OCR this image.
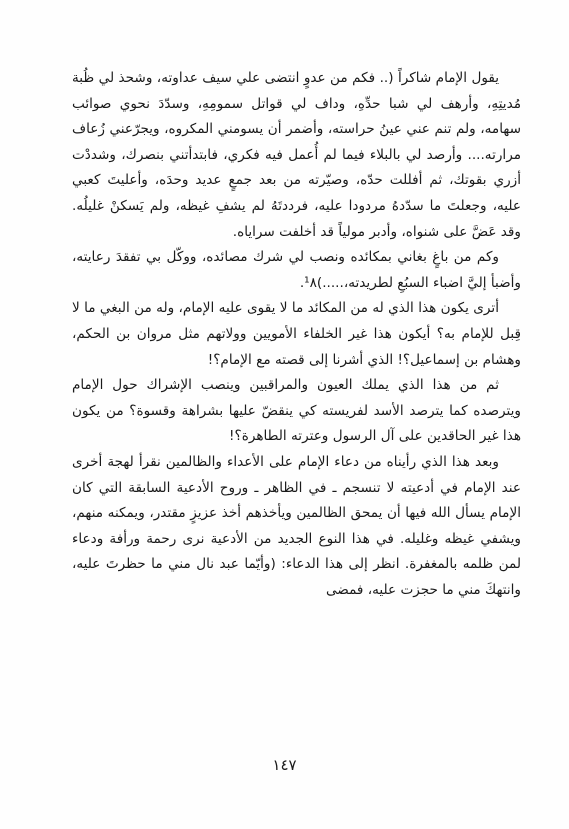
يقول الإمام شاكراً (.. فكم من عدوٍ انتضى علي سيف عداوته، وشحذ لي ظُبة مُديتِهِ، وأرهف لي شبا حدِّهِ، وداف لي قواتل سمومِهِ، وسدّدَ نحوي صوائب سهامه، ولم تنم عني عينُ حراسته، وأضمر أن يسومني المكروه، ويجرّعني زُعاف مرارته.... وأرصد لي بالبلاء فيما لم أُعمل فيه فكري، فابتدأتني بنصرك، وشددْت أزري بقوتك، ثم أفللت حدّه، وصيّرته من بعد جمعٍ عديد وحدَه، وأعليتَ كعبي عليه، وجعلتَ ما سدّدهُ مردودا عليه، فرددتَهُ لم يشفِ غيظه، ولم يَسكنْ غليلُه. وقد عَضَّ على شنواه، وأدبر مولياً قد أخلفت سراياه.

وكم من باغٍ بغاني بمكائده ونصب لي شرك مصائده، ووكّل بي تفقدَ رعايته، وأضبأ إليَّ اضباء السبُعِ لطريدته،.....)¹٨.

أترى يكون هذا الذي له من المكائد ما لا يقوى عليه الإمام، وله من البغي ما لا قِبل للإمام به؟ أيكون هذا غير الخلفاء الأمويين وولاتهم مثل مروان بن الحكم، وهشام بن إسماعيل؟! الذي أشرنا إلى قصته مع الإمام؟!

ثم من هذا الذي يملك العيون والمراقبين وينصب الإشراك حول الإمام ويترصده كما يترصد الأسد لفريسته كي ينقضّ عليها بشراهة وقسوة؟ من يكون هذا غير الحاقدين على آل الرسول وعترته الطاهرة؟!

وبعد هذا الذي رأيناه من دعاء الإمام على الأعداء والظالمين نقرأ لهجة أخرى عند الإمام في أدعيته لا تنسجم ـ في الظاهر ـ وروح الأدعية السابقة التي كان الإمام يسأل الله فيها أن يمحق الظالمين ويأخذهم أخذ عزيزٍ مقتدر، ويمكنه منهم، ويشفي غيظه وغليله. في هذا النوع الجديد من الأدعية نرى رحمة ورأفة ودعاء لمن ظلمه بالمغفرة. انظر إلى هذا الدعاء: (وأيّما عبد نال مني ما حظرتَ عليه، وانتهكَ مني ما حجزت عليه، فمضى

١٤٧
